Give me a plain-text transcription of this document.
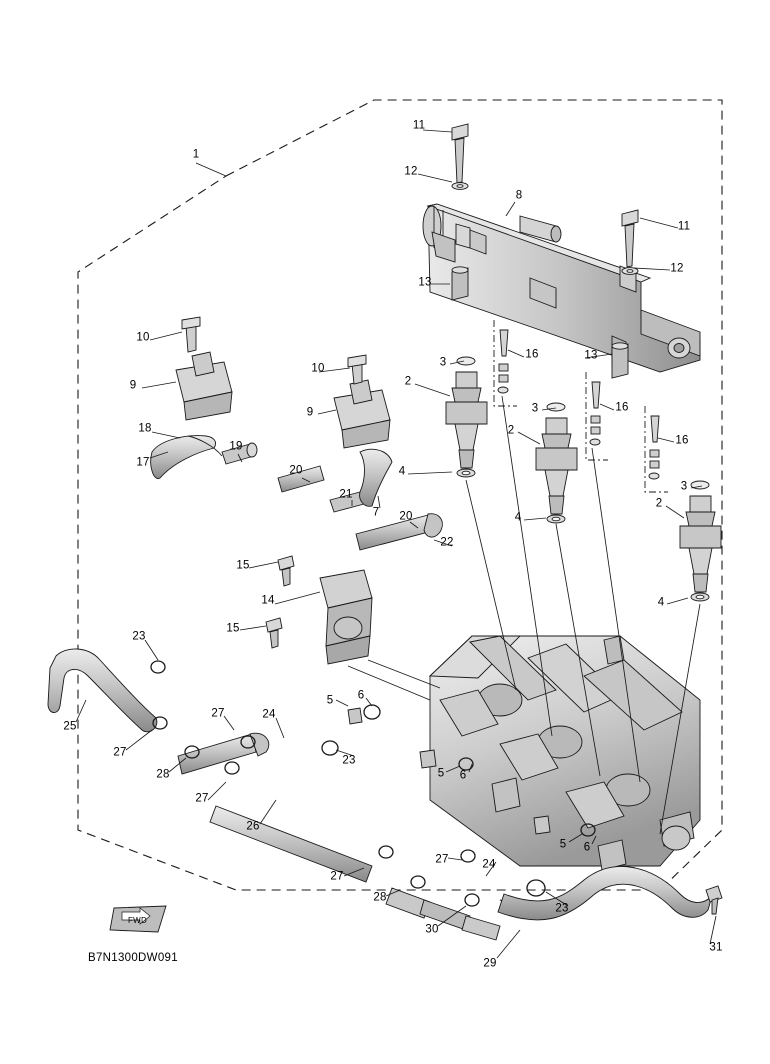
1
11
12
8
11
12
13
10
16
3
13
2
10
9
9	3	16
2
18
19	16
17
4
20
21
3
7 20
2
4
22
15
4
14
15
23
5 6
25
27	24
27
28
23
5 6
27
26
27	24
5 6
27
28
23
30
29
31
FWD
B7N1300DW091
